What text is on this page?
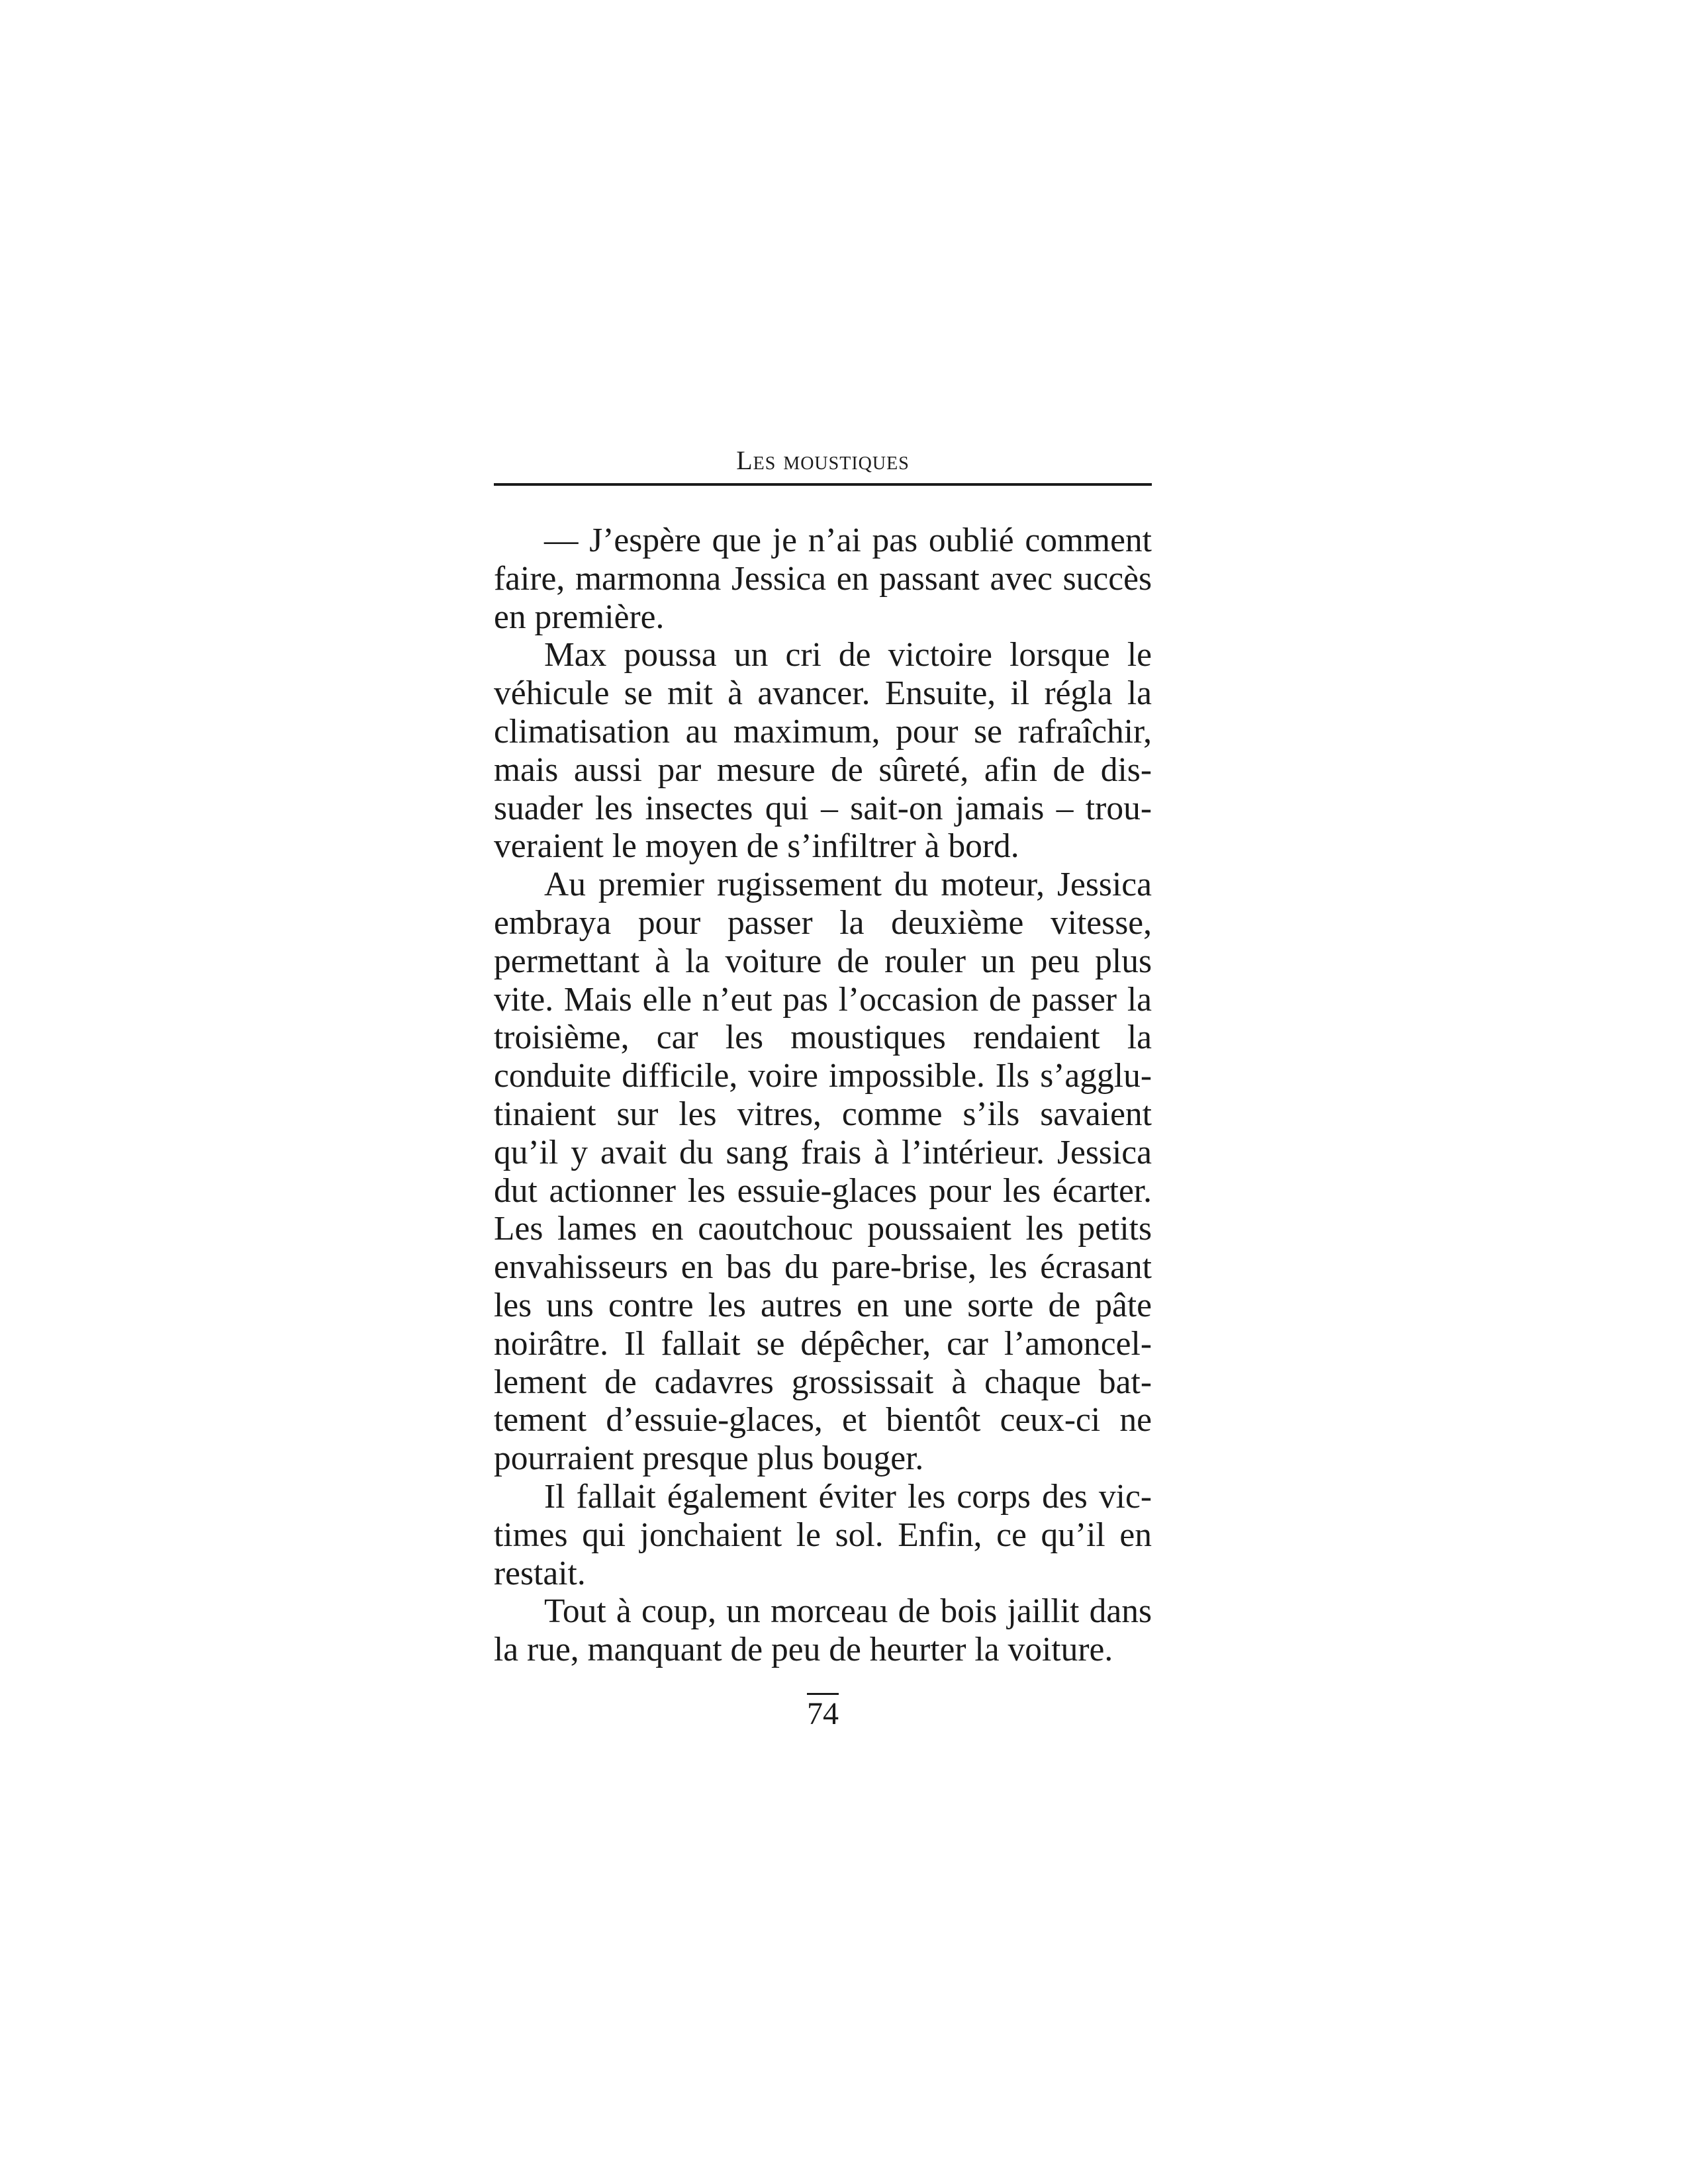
Les moustiques

— J’espère que je n’ai pas oublié comment faire, marmonna Jessica en passant avec succès en première.

Max poussa un cri de victoire lorsque le véhicule se mit à avancer. Ensuite, il régla la climatisation au maximum, pour se rafraîchir, mais aussi par mesure de sûreté, afin de dissuader les insectes qui – sait-on jamais – trouveraient le moyen de s’infiltrer à bord.

Au premier rugissement du moteur, Jessica embraya pour passer la deuxième vitesse, permettant à la voiture de rouler un peu plus vite. Mais elle n’eut pas l’occasion de passer la troisième, car les moustiques rendaient la conduite difficile, voire impossible. Ils s’agglutinaient sur les vitres, comme s’ils savaient qu’il y avait du sang frais à l’intérieur. Jessica dut actionner les essuie-glaces pour les écarter. Les lames en caoutchouc poussaient les petits envahisseurs en bas du pare-brise, les écrasant les uns contre les autres en une sorte de pâte noirâtre. Il fallait se dépêcher, car l’amoncellement de cadavres grossissait à chaque battement d’essuie-glaces, et bientôt ceux-ci ne pourraient presque plus bouger.

Il fallait également éviter les corps des victimes qui jonchaient le sol. Enfin, ce qu’il en restait.

Tout à coup, un morceau de bois jaillit dans la rue, manquant de peu de heurter la voiture.

74
